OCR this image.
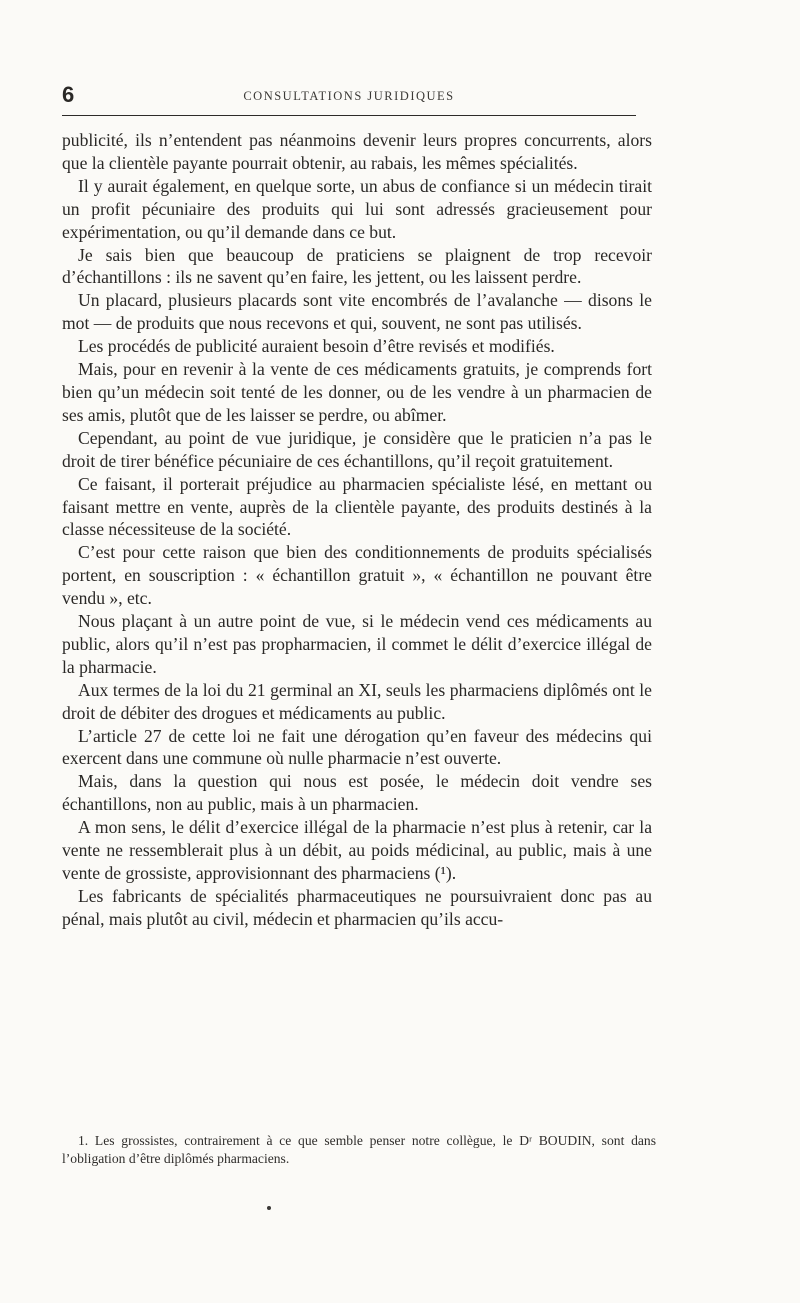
6	CONSULTATIONS JURIDIQUES

publicité, ils n’entendent pas néanmoins devenir leurs propres concurrents, alors que la clientèle payante pourrait obtenir, au rabais, les mêmes spécialités.

Il y aurait également, en quelque sorte, un abus de confiance si un médecin tirait un profit pécuniaire des produits qui lui sont adressés gracieusement pour expérimentation, ou qu’il demande dans ce but.

Je sais bien que beaucoup de praticiens se plaignent de trop recevoir d’échantillons : ils ne savent qu’en faire, les jettent, ou les laissent perdre.

Un placard, plusieurs placards sont vite encombrés de l’avalanche — disons le mot — de produits que nous recevons et qui, souvent, ne sont pas utilisés.

Les procédés de publicité auraient besoin d’être revisés et modifiés.

Mais, pour en revenir à la vente de ces médicaments gratuits, je comprends fort bien qu’un médecin soit tenté de les donner, ou de les vendre à un pharmacien de ses amis, plutôt que de les laisser se perdre, ou abîmer.

Cependant, au point de vue juridique, je considère que le praticien n’a pas le droit de tirer bénéfice pécuniaire de ces échantillons, qu’il reçoit gratuitement.

Ce faisant, il porterait préjudice au pharmacien spécialiste lésé, en mettant ou faisant mettre en vente, auprès de la clientèle payante, des produits destinés à la classe nécessiteuse de la société.

C’est pour cette raison que bien des conditionnements de produits spécialisés portent, en souscription : « échantillon gratuit », « échantillon ne pouvant être vendu », etc.

Nous plaçant à un autre point de vue, si le médecin vend ces médicaments au public, alors qu’il n’est pas propharmacien, il commet le délit d’exercice illégal de la pharmacie.

Aux termes de la loi du 21 germinal an XI, seuls les pharmaciens diplômés ont le droit de débiter des drogues et médicaments au public.

L’article 27 de cette loi ne fait une dérogation qu’en faveur des médecins qui exercent dans une commune où nulle pharmacie n’est ouverte.

Mais, dans la question qui nous est posée, le médecin doit vendre ses échantillons, non au public, mais à un pharmacien.

A mon sens, le délit d’exercice illégal de la pharmacie n’est plus à retenir, car la vente ne ressemblerait plus à un débit, au poids médicinal, au public, mais à une vente de grossiste, approvisionnant des pharmaciens (¹).

Les fabricants de spécialités pharmaceutiques ne poursuivraient donc pas au pénal, mais plutôt au civil, médecin et pharmacien qu’ils accu-

1. Les grossistes, contrairement à ce que semble penser notre collègue, le Dʳ BOUDIN, sont dans l’obligation d’être diplômés pharmaciens.
